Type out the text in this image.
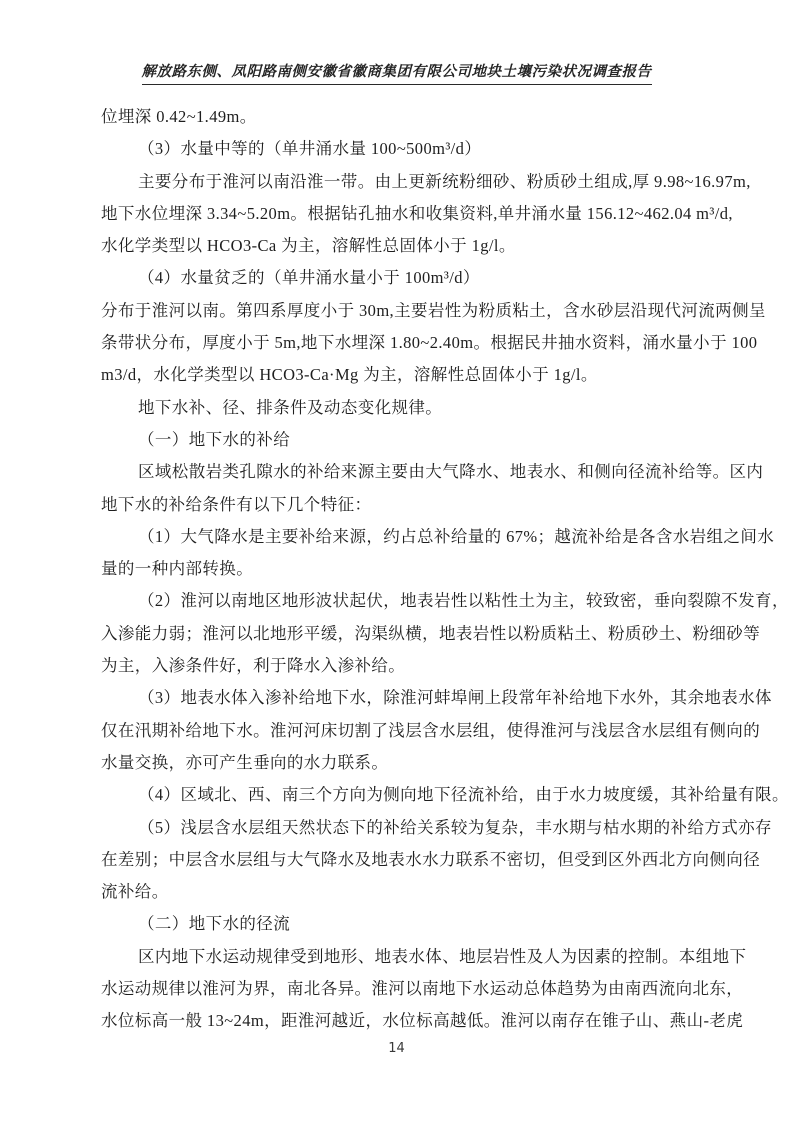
解放路东侧、凤阳路南侧安徽省徽商集团有限公司地块土壤污染状况调查报告
位埋深 0.42~1.49m。
（3）水量中等的（单井涌水量 100~500m³/d）
主要分布于淮河以南沿淮一带。由上更新统粉细砂、粉质砂土组成,厚 9.98~16.97m,
地下水位埋深 3.34~5.20m。根据钻孔抽水和收集资料,单井涌水量 156.12~462.04 m³/d,
水化学类型以 HCO3-Ca 为主，溶解性总固体小于 1g/l。
（4）水量贫乏的（单井涌水量小于 100m³/d）
分布于淮河以南。第四系厚度小于 30m,主要岩性为粉质粘土，含水砂层沿现代河流两侧呈
条带状分布，厚度小于 5m,地下水埋深 1.80~2.40m。根据民井抽水资料，涌水量小于 100
m3/d，水化学类型以 HCO3-Ca·Mg 为主，溶解性总固体小于 1g/l。
地下水补、径、排条件及动态变化规律。
（一）地下水的补给
区域松散岩类孔隙水的补给来源主要由大气降水、地表水、和侧向径流补给等。区内
地下水的补给条件有以下几个特征：
（1）大气降水是主要补给来源，约占总补给量的 67%；越流补给是各含水岩组之间水
量的一种内部转换。
（2）淮河以南地区地形波状起伏，地表岩性以粘性土为主，较致密，垂向裂隙不发育，
入渗能力弱；淮河以北地形平缓，沟渠纵横，地表岩性以粉质粘土、粉质砂土、粉细砂等
为主，入渗条件好，利于降水入渗补给。
（3）地表水体入渗补给地下水，除淮河蚌埠闸上段常年补给地下水外，其余地表水体
仅在汛期补给地下水。淮河河床切割了浅层含水层组，使得淮河与浅层含水层组有侧向的
水量交换，亦可产生垂向的水力联系。
（4）区域北、西、南三个方向为侧向地下径流补给，由于水力坡度缓，其补给量有限。
（5）浅层含水层组天然状态下的补给关系较为复杂，丰水期与枯水期的补给方式亦存
在差别；中层含水层组与大气降水及地表水水力联系不密切，但受到区外西北方向侧向径
流补给。
（二）地下水的径流
区内地下水运动规律受到地形、地表水体、地层岩性及人为因素的控制。本组地下
水运动规律以淮河为界，南北各异。淮河以南地下水运动总体趋势为由南西流向北东，
水位标高一般 13~24m，距淮河越近，水位标高越低。淮河以南存在锥子山、燕山-老虎
14
